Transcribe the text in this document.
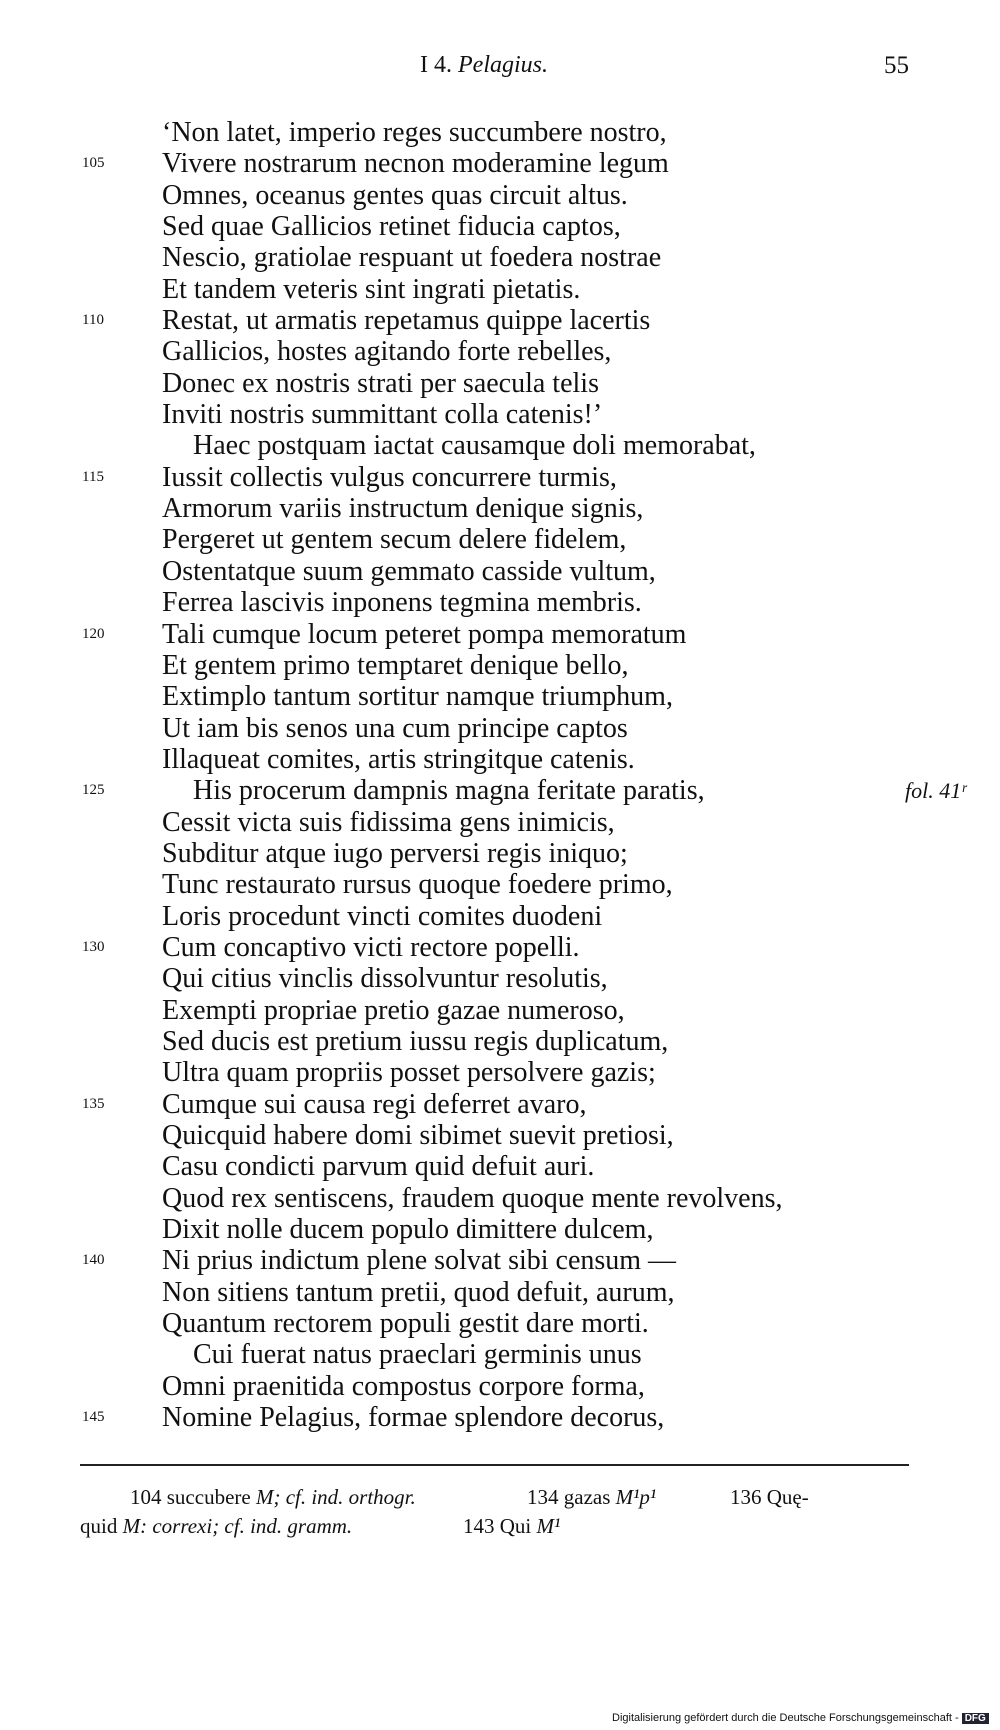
I 4. Pelagius.	55
‘Non latet, imperio reges succumbere nostro,
105	Vivere nostrarum necnon moderamine legum
Omnes, oceanus gentes quas circuit altus.
Sed quae Gallicios retinet fiducia captos,
Nescio, gratiolae respuant ut foedera nostrae
Et tandem veteris sint ingrati pietatis.
110	Restat, ut armatis repetamus quippe lacertis
Gallicios, hostes agitando forte rebelles,
Donec ex nostris strati per saecula telis
Inviti nostris summittant colla catenis!’
Haec postquam iactat causamque doli memorabat,
115	Iussit collectis vulgus concurrere turmis,
Armorum variis instructum denique signis,
Pergeret ut gentem secum delere fidelem,
Ostentatque suum gemmato casside vultum,
Ferrea lascivis inponens tegmina membris.
120	Tali cumque locum peteret pompa memoratum
Et gentem primo temptaret denique bello,
Extimplo tantum sortitur namque triumphum,
Ut iam bis senos una cum principe captos
Illaqueat comites, artis stringitque catenis.
125	His procerum dampnis magna feritate paratis,	fol. 41ʳ
Cessit victa suis fidissima gens inimicis,
Subditur atque iugo perversi regis iniquo;
Tunc restaurato rursus quoque foedere primo,
Loris procedunt vincti comites duodeni
130	Cum concaptivo victi rectore popelli.
Qui citius vinclis dissolvuntur resolutis,
Exempti propriae pretio gazae numeroso,
Sed ducis est pretium iussu regis duplicatum,
Ultra quam propriis posset persolvere gazis;
135	Cumque sui causa regi deferret avaro,
Quicquid habere domi sibimet suevit pretiosi,
Casu condicti parvum quid defuit auri.
Quod rex sentiscens, fraudem quoque mente revolvens,
Dixit nolle ducem populo dimittere dulcem,
140	Ni prius indictum plene solvat sibi censum —
Non sitiens tantum pretii, quod defuit, aurum,
Quantum rectorem populi gestit dare morti.
Cui fuerat natus praeclari germinis unus
Omni praenitida compostus corpore forma,
145	Nomine Pelagius, formae splendore decorus,
104 succubere M; cf. ind. orthogr.	134 gazas M¹p¹	136 Quę-
quid M: correxi; cf. ind. gramm.	143 Qui M¹
Digitalisierung gefördert durch die Deutsche Forschungsgemeinschaft - DFG
